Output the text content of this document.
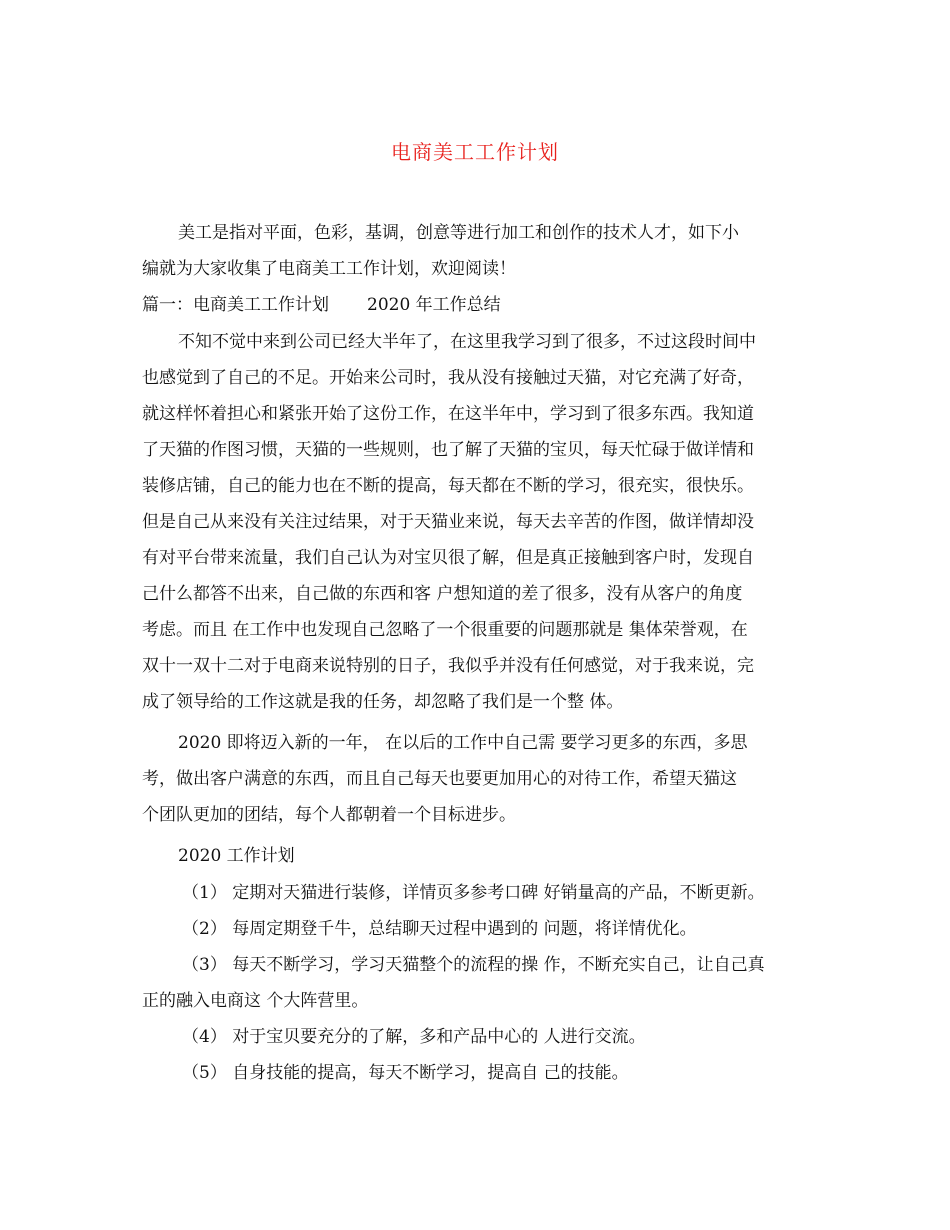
电商美工工作计划
美工是指对平面，色彩，基调，创意等进行加工和创作的技术人才，如下小
编就为大家收集了电商美工工作计划，欢迎阅读！
篇一：电商美工工作计划 2020 年工作总结
不知不觉中来到公司已经大半年了，在这里我学习到了很多，不过这段时间中
也感觉到了自己的不足。开始来公司时，我从没有接触过天猫，对它充满了好奇，
就这样怀着担心和紧张开始了这份工作，在这半年中，学习到了很多东西。我知道
了天猫的作图习惯，天猫的一些规则，也了解了天猫的宝贝，每天忙碌于做详情和
装修店铺，自己的能力也在不断的提高，每天都在不断的学习，很充实，很快乐。
但是自己从来没有关注过结果，对于天猫业来说，每天去辛苦的作图，做详情却没
有对平台带来流量，我们自己认为对宝贝很了解，但是真正接触到客户时，发现自
己什么都答不出来，自己做的东西和客 户想知道的差了很多，没有从客户的角度
考虑。而且 在工作中也发现自己忽略了一个很重要的问题那就是 集体荣誉观，在
双十一双十二对于电商来说特别的日子，我似乎并没有任何感觉，对于我来说，完
成了领导给的工作这就是我的任务，却忽略了我们是一个整 体。
2020 即将迈入新的一年， 在以后的工作中自己需 要学习更多的东西，多思
考，做出客户满意的东西，而且自己每天也要更加用心的对待工作，希望天猫这
个团队更加的团结，每个人都朝着一个目标进步。
2020 工作计划
（1） 定期对天猫进行装修，详情页多参考口碑 好销量高的产品，不断更新。
（2） 每周定期登千牛，总结聊天过程中遇到的 问题，将详情优化。
（3） 每天不断学习，学习天猫整个的流程的操 作，不断充实自己，让自己真
正的融入电商这 个大阵营里。
（4） 对于宝贝要充分的了解，多和产品中心的 人进行交流。
（5） 自身技能的提高，每天不断学习，提高自 己的技能。
